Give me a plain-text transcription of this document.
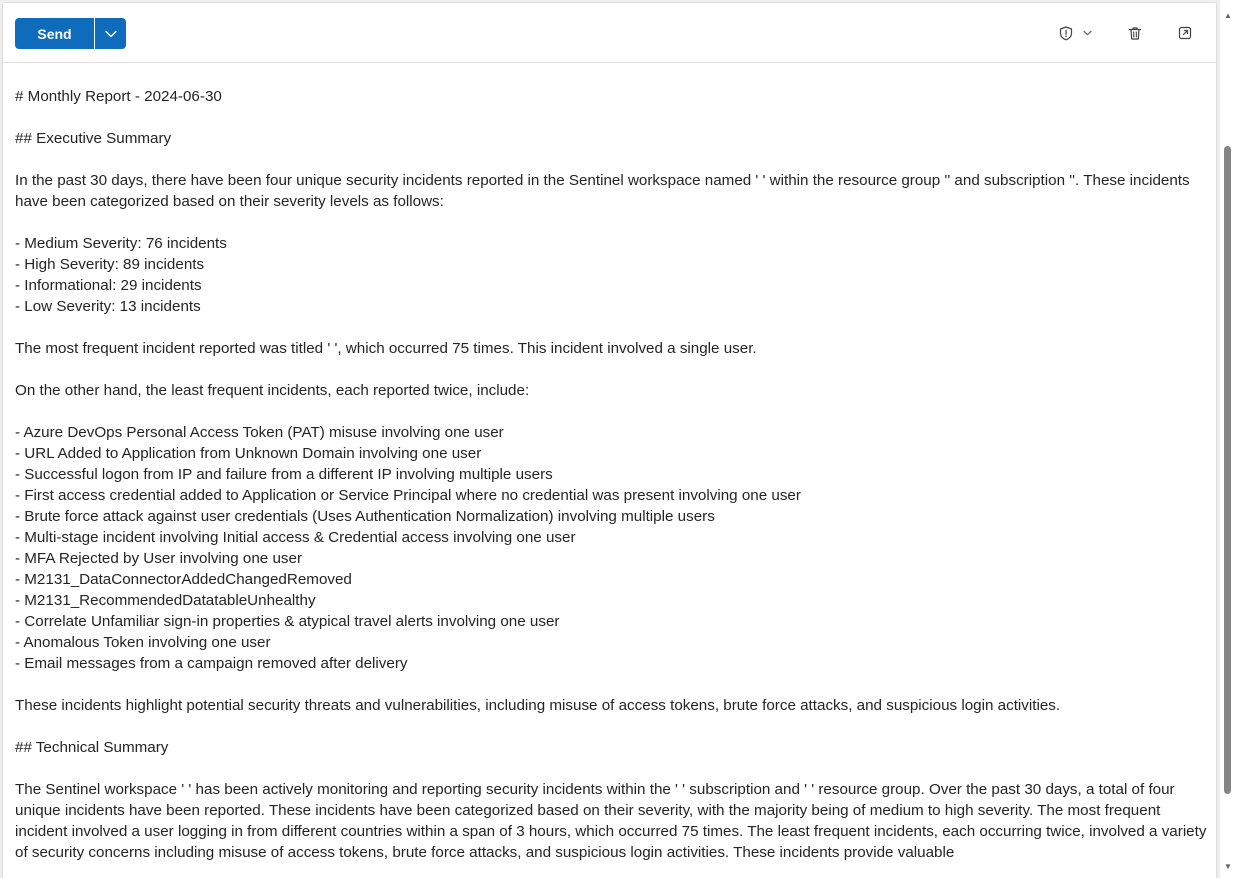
Send

# Monthly Report - 2024-06-30

## Executive Summary

In the past 30 days, there have been four unique security incidents reported in the Sentinel workspace named ' ' within the resource group '' and subscription ''. These incidents have been categorized based on their severity levels as follows:

- Medium Severity: 76 incidents

- High Severity: 89 incidents

- Informational: 29 incidents

- Low Severity: 13 incidents

The most frequent incident reported was titled ' ', which occurred 75 times. This incident involved a single user.

On the other hand, the least frequent incidents, each reported twice, include:

- Azure DevOps Personal Access Token (PAT) misuse involving one user

- URL Added to Application from Unknown Domain involving one user

- Successful logon from IP and failure from a different IP involving multiple users

- First access credential added to Application or Service Principal where no credential was present involving one user

- Brute force attack against user credentials (Uses Authentication Normalization) involving multiple users

- Multi-stage incident involving Initial access & Credential access involving one user

- MFA Rejected by User involving one user

- M2131_DataConnectorAddedChangedRemoved

- M2131_RecommendedDatatableUnhealthy

- Correlate Unfamiliar sign-in properties & atypical travel alerts involving one user

- Anomalous Token involving one user

- Email messages from a campaign removed after delivery

These incidents highlight potential security threats and vulnerabilities, including misuse of access tokens, brute force attacks, and suspicious login activities.

## Technical Summary

The Sentinel workspace ' ' has been actively monitoring and reporting security incidents within the ' ' subscription and ' ' resource group. Over the past 30 days, a total of four unique incidents have been reported. These incidents have been categorized based on their severity, with the majority being of medium to high severity. The most frequent incident involved a user logging in from different countries within a span of 3 hours, which occurred 75 times. The least frequent incidents, each occurring twice, involved a variety of security concerns including misuse of access tokens, brute force attacks, and suspicious login activities. These incidents provide valuable

▲
▼
